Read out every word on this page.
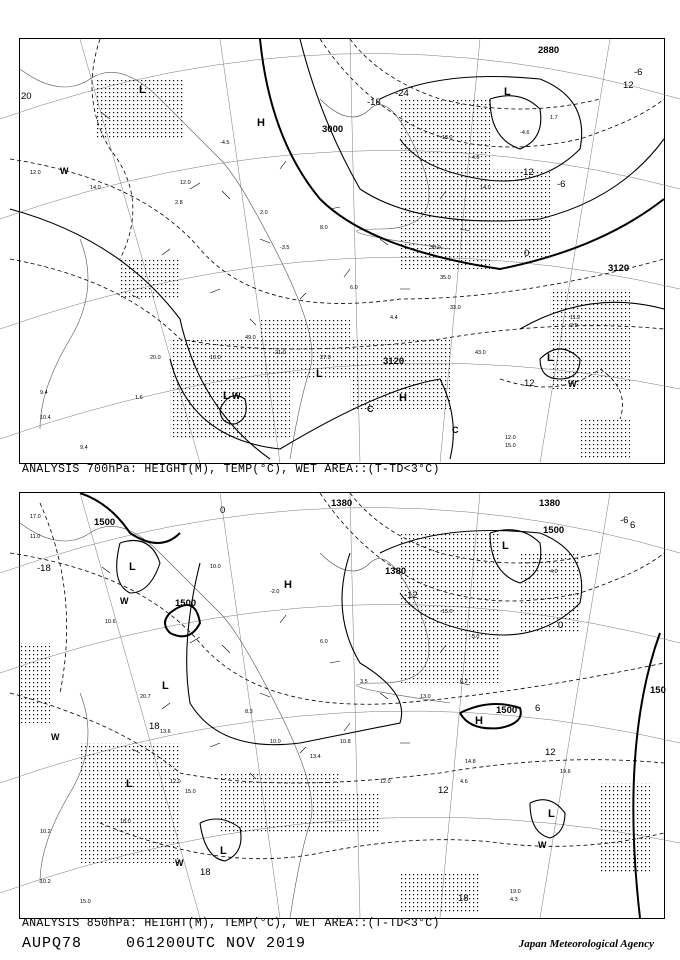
12.0
-4.5
2.0
-3.5
8.0
6.0
4.4
35.0
33.0
43.0
49.0
21.0
27.0
10.0
20.0
1.6
9.4
10.4
9.4
12.0
15.0
11.2
2.5
-13.0
-4.0
14.0
-4.6
1.7
12.0
14.0
2.8
30.0
3000
3120
3120
2880
-24
-18
-12
-6
0
12
20
-6
12
L
H
L
L
L
L
H
W
W
W
C
C
ANALYSIS 700hPa: HEIGHT(M), TEMP(°C), WET AREA::(T-TD<3°C)
17.0
11.0
10.6
20.7
13.6
12.0
15.0
18.0
10.2
10.2
15.0
8.3
10.0
13.4
10.8
12.0
13.0
6.2
14.8
4.6
19.0
4.3
19.6
-15.0
-5.0
4.0
-2.0
10.0
6.0
3.5
1500
1500
1500
1380
1380	1380
1500
150
-18
-12
-6
0
6
12
18
18
18
0
6
12
L
L
H
L
L
H
L
L
W
W
W
W
ANALYSIS 850hPa: HEIGHT(M), TEMP(°C), WET AREA::(T-TD<3°C)
AUPQ78	061200UTC NOV 2019	Japan Meteorological Agency
